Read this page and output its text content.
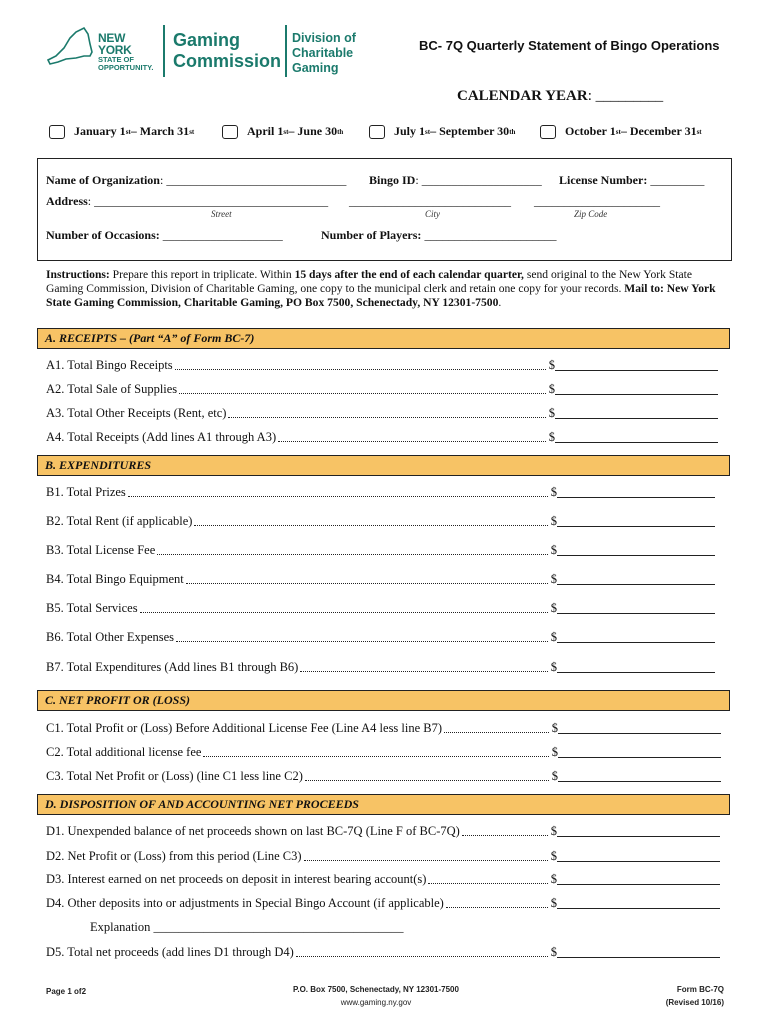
NEW YORK
STATE OF
OPPORTUNITY.
Gaming
Commission
Division of
Charitable
Gaming
BC- 7Q Quarterly Statement of Bingo Operations
CALENDAR YEAR: _________
January 1 st – March 31 st	April 1 st – June 30 th	July 1 st – September 30 th	October 1 st – December 31 st
Name of Organization: ______________________________ Bingo ID: ____________________ License Number: _________
Address: _______________________________________ ___________________________ _____________________
Street	City	Zip Code
Number of Occasions: ____________________	Number of Players: ______________________
Instructions: Prepare this report in triplicate. Within 15 days after the end of each calendar quarter, send original to the New York State Gaming Commission, Division of Charitable Gaming, one copy to the municipal clerk and retain one copy for your records. Mail to: New York State Gaming Commission, Charitable Gaming, PO Box 7500, Schenectady, NY 12301-7500.
A. RECEIPTS – (Part “A” of Form BC-7)
A1. Total Bingo Receipts	$
A2. Total Sale of Supplies	$
A3. Total Other Receipts (Rent, etc)	$
A4. Total Receipts (Add lines A1 through A3)	$
B. EXPENDITURES
B1. Total Prizes	$
B2. Total Rent (if applicable)	$
B3. Total License Fee	$
B4. Total Bingo Equipment	$
B5. Total Services	$
B6. Total Other Expenses	$
B7. Total Expenditures (Add lines B1 through B6)	$
C. NET PROFIT OR (LOSS)
C1. Total Profit or (Loss) Before Additional License Fee (Line A4 less line B7)	$
C2. Total additional license fee	$
C3. Total Net Profit or (Loss) (line C1 less line C2)	$
D. DISPOSITION OF AND ACCOUNTING NET PROCEEDS
D1. Unexpended balance of net proceeds shown on last BC-7Q (Line F of BC-7Q)	$
D2. Net Profit or (Loss) from this period (Line C3)	$
D3. Interest earned on net proceeds on deposit in interest bearing account(s)	$
D4. Other deposits into or adjustments in Special Bingo Account (if applicable)	$
Explanation ________________________________________
D5. Total net proceeds (add lines D1 through D4)	$
Page 1 of2	P.O. Box 7500, Schenectady, NY 12301-7500
www.gaming.ny.gov
Form BC-7Q
(Revised 10/16)
